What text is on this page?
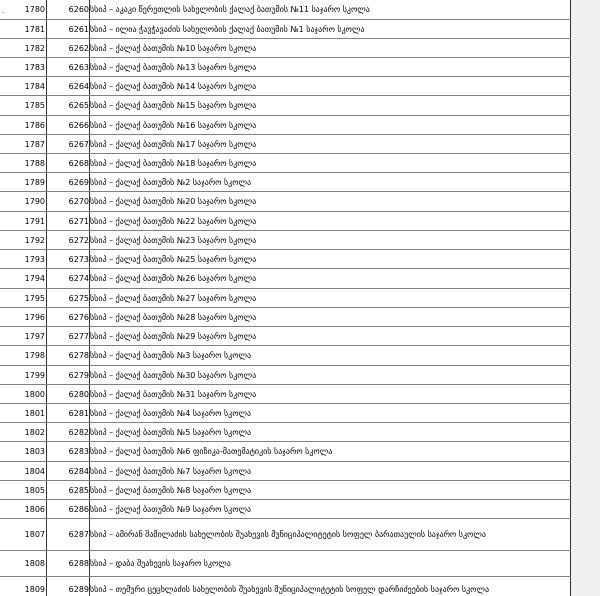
.	1780	6260 სსიპ – აკაკი წერეთლის სახელობის ქალაქ ბათუმის №11 საჯარო სკოლა
1781	6261 სსიპ – ილია ჭავჭავაძის სახელობის ქალაქ ბათუმის №1 საჯარო სკოლა
1782	6262 სსიპ – ქალაქ ბათუმის №10 საჯარო სკოლა
1783	6263 სსიპ – ქალაქ ბათუმის №13 საჯარო სკოლა
1784	6264 სსიპ – ქალაქ ბათუმის №14 საჯარო სკოლა
1785	6265 სსიპ – ქალაქ ბათუმის №15 საჯარო სკოლა
1786	6266 სსიპ – ქალაქ ბათუმის №16 საჯარო სკოლა
1787	6267 სსიპ – ქალაქ ბათუმის №17 საჯარო სკოლა
1788	6268 სსიპ – ქალაქ ბათუმის №18 საჯარო სკოლა
1789	6269 სსიპ – ქალაქ ბათუმის №2 საჯარო სკოლა
1790	6270 სსიპ – ქალაქ ბათუმის №20 საჯარო სკოლა
1791	6271 სსიპ – ქალაქ ბათუმის №22 საჯარო სკოლა
1792	6272 სსიპ – ქალაქ ბათუმის №23 საჯარო სკოლა
1793	6273 სსიპ – ქალაქ ბათუმის №25 საჯარო სკოლა
1794	6274 სსიპ – ქალაქ ბათუმის №26 საჯარო სკოლა
1795	6275 სსიპ – ქალაქ ბათუმის №27 საჯარო სკოლა
1796	6276 სსიპ – ქალაქ ბათუმის №28 საჯარო სკოლა
1797	6277 სსიპ – ქალაქ ბათუმის №29 საჯარო სკოლა
1798	6278 სსიპ – ქალაქ ბათუმის №3 საჯარო სკოლა
1799	6279 სსიპ – ქალაქ ბათუმის №30 საჯარო სკოლა
1800	6280 სსიპ – ქალაქ ბათუმის №31 საჯარო სკოლა
1801	6281 სსიპ – ქალაქ ბათუმის №4 საჯარო სკოლა
1802	6282 სსიპ – ქალაქ ბათუმის №5 საჯარო სკოლა
1803	6283 სსიპ – ქალაქ ბათუმის №6 ფიზიკა-მათემატიკის საჯარო სკოლა
1804	6284 სსიპ – ქალაქ ბათუმის №7 საჯარო სკოლა
1805	6285 სსიპ – ქალაქ ბათუმის №8 საჯარო სკოლა
1806	6286 სსიპ – ქალაქ ბათუმის №9 საჯარო სკოლა
1807	6287 სსიპ – ამირან შამილაძის სახელობის შუახევის მუნიციპალიტეტის სოფელ ბარათაულის საჯარო სკოლა
1808	6288 სსიპ – დაბა შუახევის საჯარო სკოლა
1809	6289 სსიპ – თემური ცეცხლაძის სახელობის შუახევის მუნიციპალიტეტის სოფელ დარჩიძეების საჯარო სკოლა
